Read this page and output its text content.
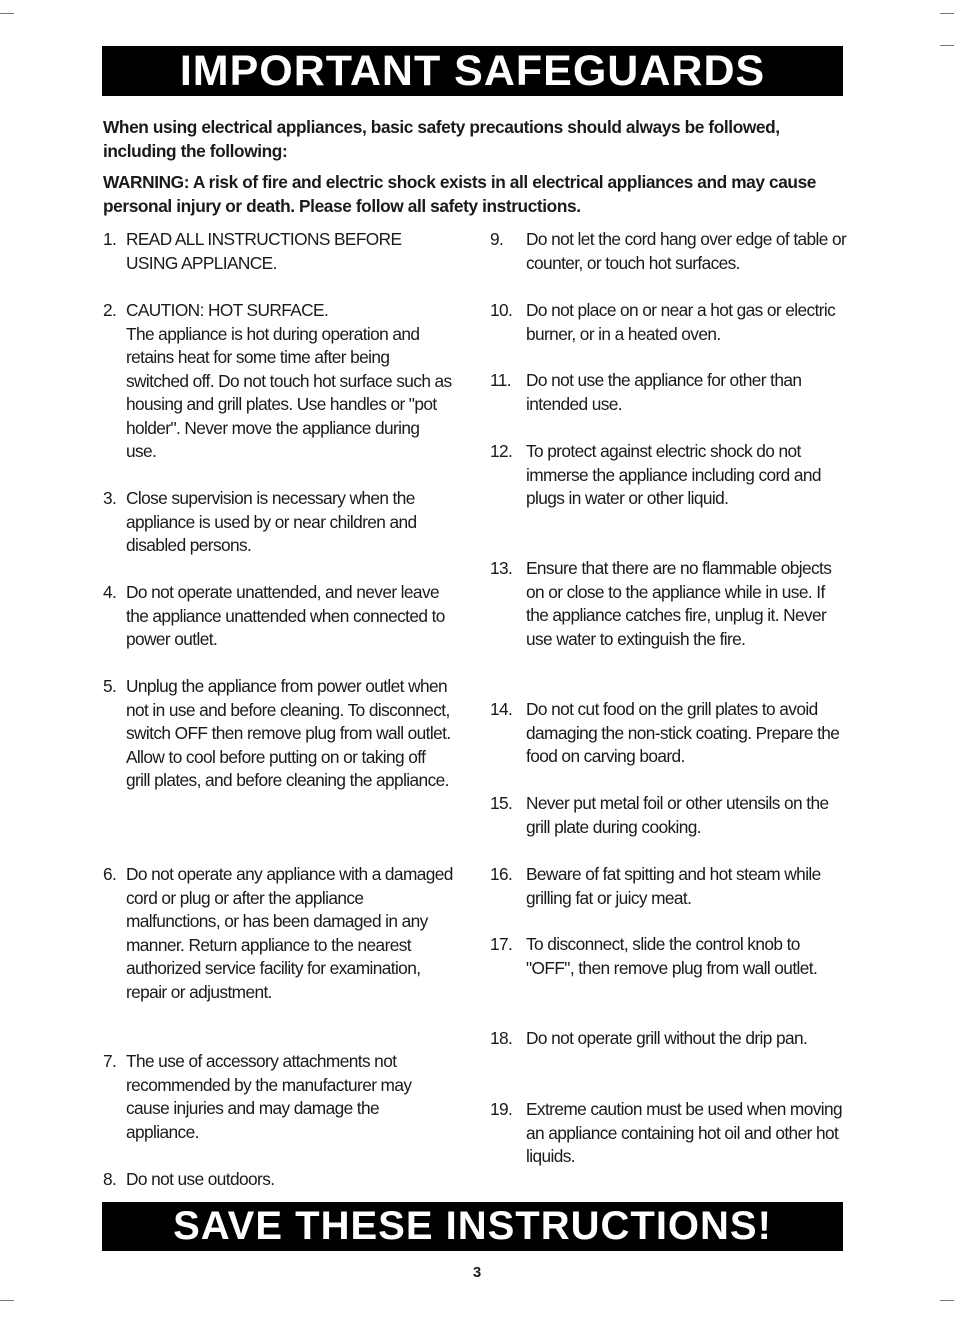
IMPORTANT SAFEGUARDS

When using electrical appliances, basic safety precautions should always be followed, including the following:

WARNING: A risk of fire and electric shock exists in all electrical appliances and may cause personal injury or death. Please follow all safety instructions.

1. READ ALL INSTRUCTIONS BEFORE USING APPLIANCE.
2. CAUTION: HOT SURFACE.
The appliance is hot during operation and retains heat for some time after being switched off. Do not touch hot surface such as housing and grill plates. Use handles or "pot holder". Never move the appliance during use.
3. Close supervision is necessary when the appliance is used by or near children and disabled persons.
4. Do not operate unattended, and never leave the appliance unattended when connected to power outlet.
5. Unplug the appliance from power outlet when not in use and before cleaning. To disconnect, switch OFF then remove plug from wall outlet. Allow to cool before putting on or taking off grill plates, and before cleaning the appliance.
6. Do not operate any appliance with a damaged cord or plug or after the appliance malfunctions, or has been damaged in any manner. Return appliance to the nearest authorized service facility for examination, repair or adjustment.
7. The use of accessory attachments not recommended by the manufacturer may cause injuries and may damage the appliance.
8. Do not use outdoors.
9.	Do not let the cord hang over edge of table or counter, or touch hot surfaces.
10. Do not place on or near a hot gas or electric burner, or in a heated oven.
11. Do not use the appliance for other than intended use.
12. To protect against electric shock do not immerse the appliance including cord and plugs in water or other liquid.
13. Ensure that there are no flammable objects on or close to the appliance while in use. If the appliance catches fire, unplug it. Never use water to extinguish the fire.
14. Do not cut food on the grill plates to avoid damaging the non-stick coating. Prepare the food on carving board.
15. Never put metal foil or other utensils on the grill plate during cooking.
16. Beware of fat spitting and hot steam while grilling fat or juicy meat.
17. To disconnect, slide the control knob to "OFF", then remove plug from wall outlet.
18. Do not operate grill without the drip pan.
19. Extreme caution must be used when moving an appliance containing hot oil and other hot liquids.
SAVE THESE INSTRUCTIONS!
3
